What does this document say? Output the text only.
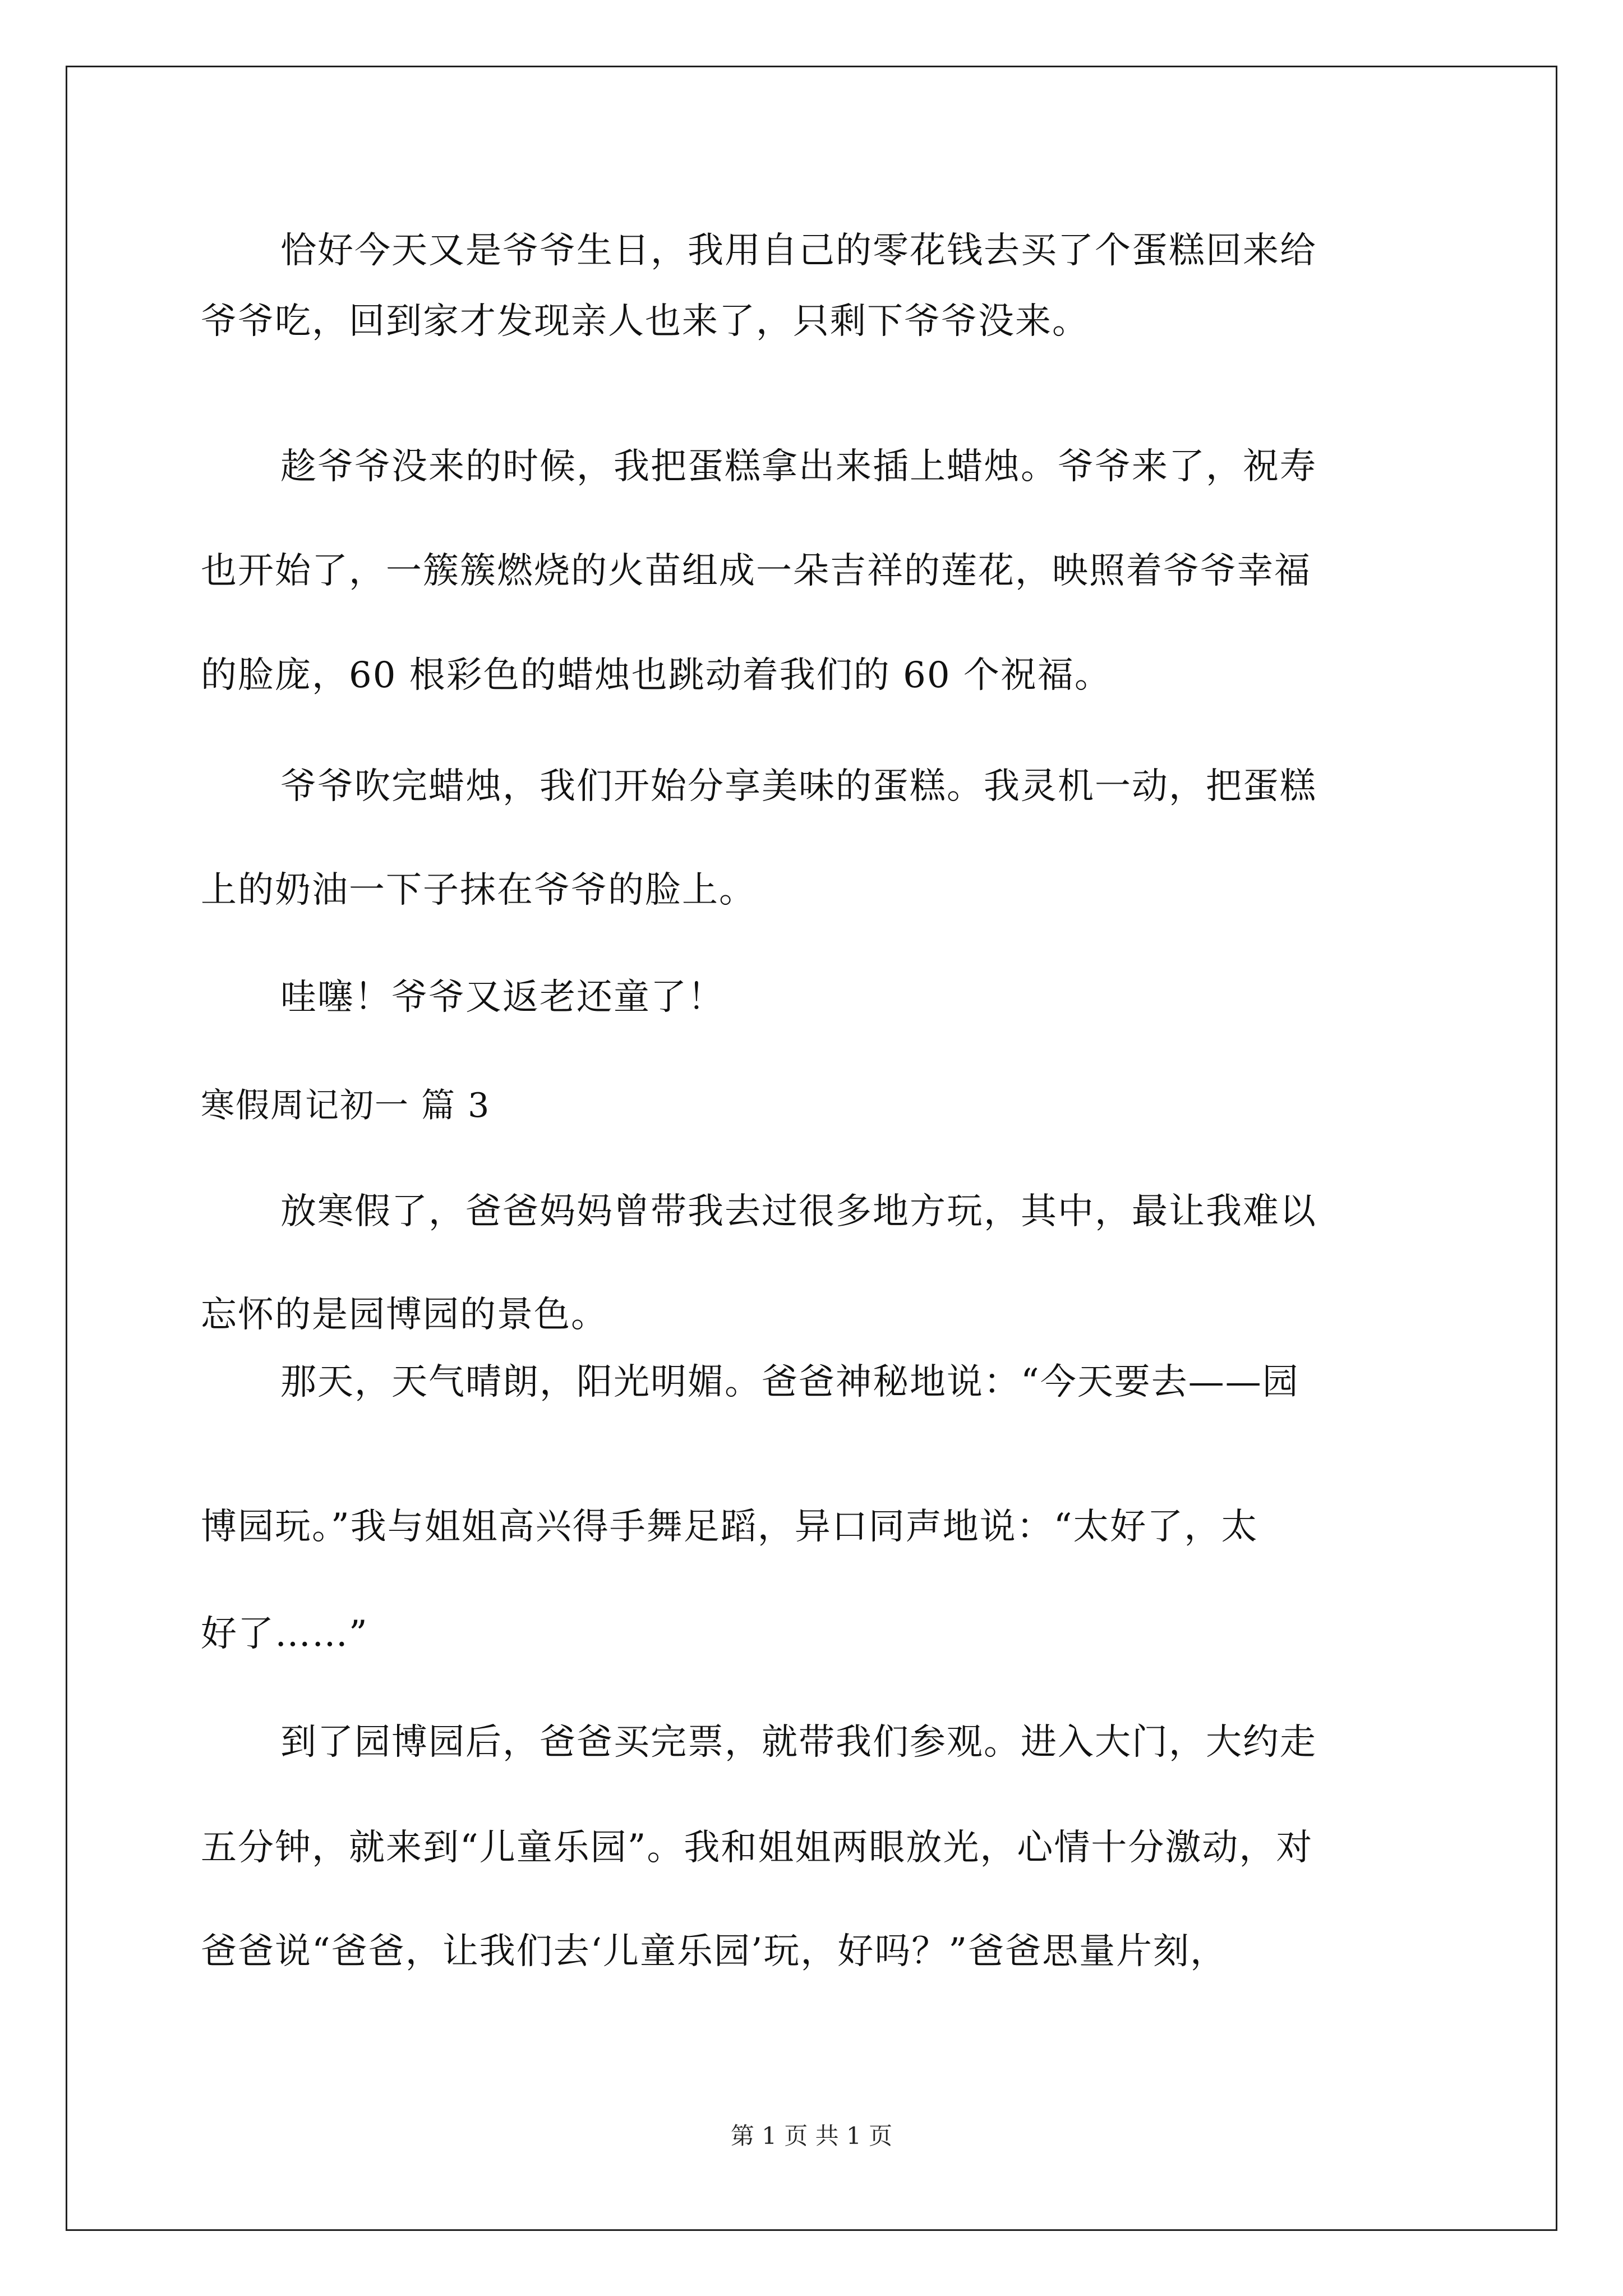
恰好今天又是爷爷生日，我用自己的零花钱去买了个蛋糕回来给
爷爷吃，回到家才发现亲人也来了，只剩下爷爷没来。
趁爷爷没来的时候，我把蛋糕拿出来插上蜡烛。爷爷来了，祝寿
也开始了，一簇簇燃烧的火苗组成一朵吉祥的莲花，映照着爷爷幸福
的脸庞，60 根彩色的蜡烛也跳动着我们的 60 个祝福。
爷爷吹完蜡烛，我们开始分享美味的蛋糕。我灵机一动，把蛋糕
上的奶油一下子抹在爷爷的脸上。
哇噻！爷爷又返老还童了！
寒假周记初一 篇 3
放寒假了，爸爸妈妈曾带我去过很多地方玩，其中，最让我难以
忘怀的是园博园的景色。
那天，天气晴朗，阳光明媚。爸爸神秘地说：“今天要去——园
博园玩。”我与姐姐高兴得手舞足蹈，异口同声地说：“太好了，太
好了……”
到了园博园后，爸爸买完票，就带我们参观。进入大门，大约走
五分钟，就来到“儿童乐园”。我和姐姐两眼放光，心情十分激动，对
爸爸说“爸爸，让我们去‘儿童乐园’玩，好吗？”爸爸思量片刻，
第 1 页 共 1 页
